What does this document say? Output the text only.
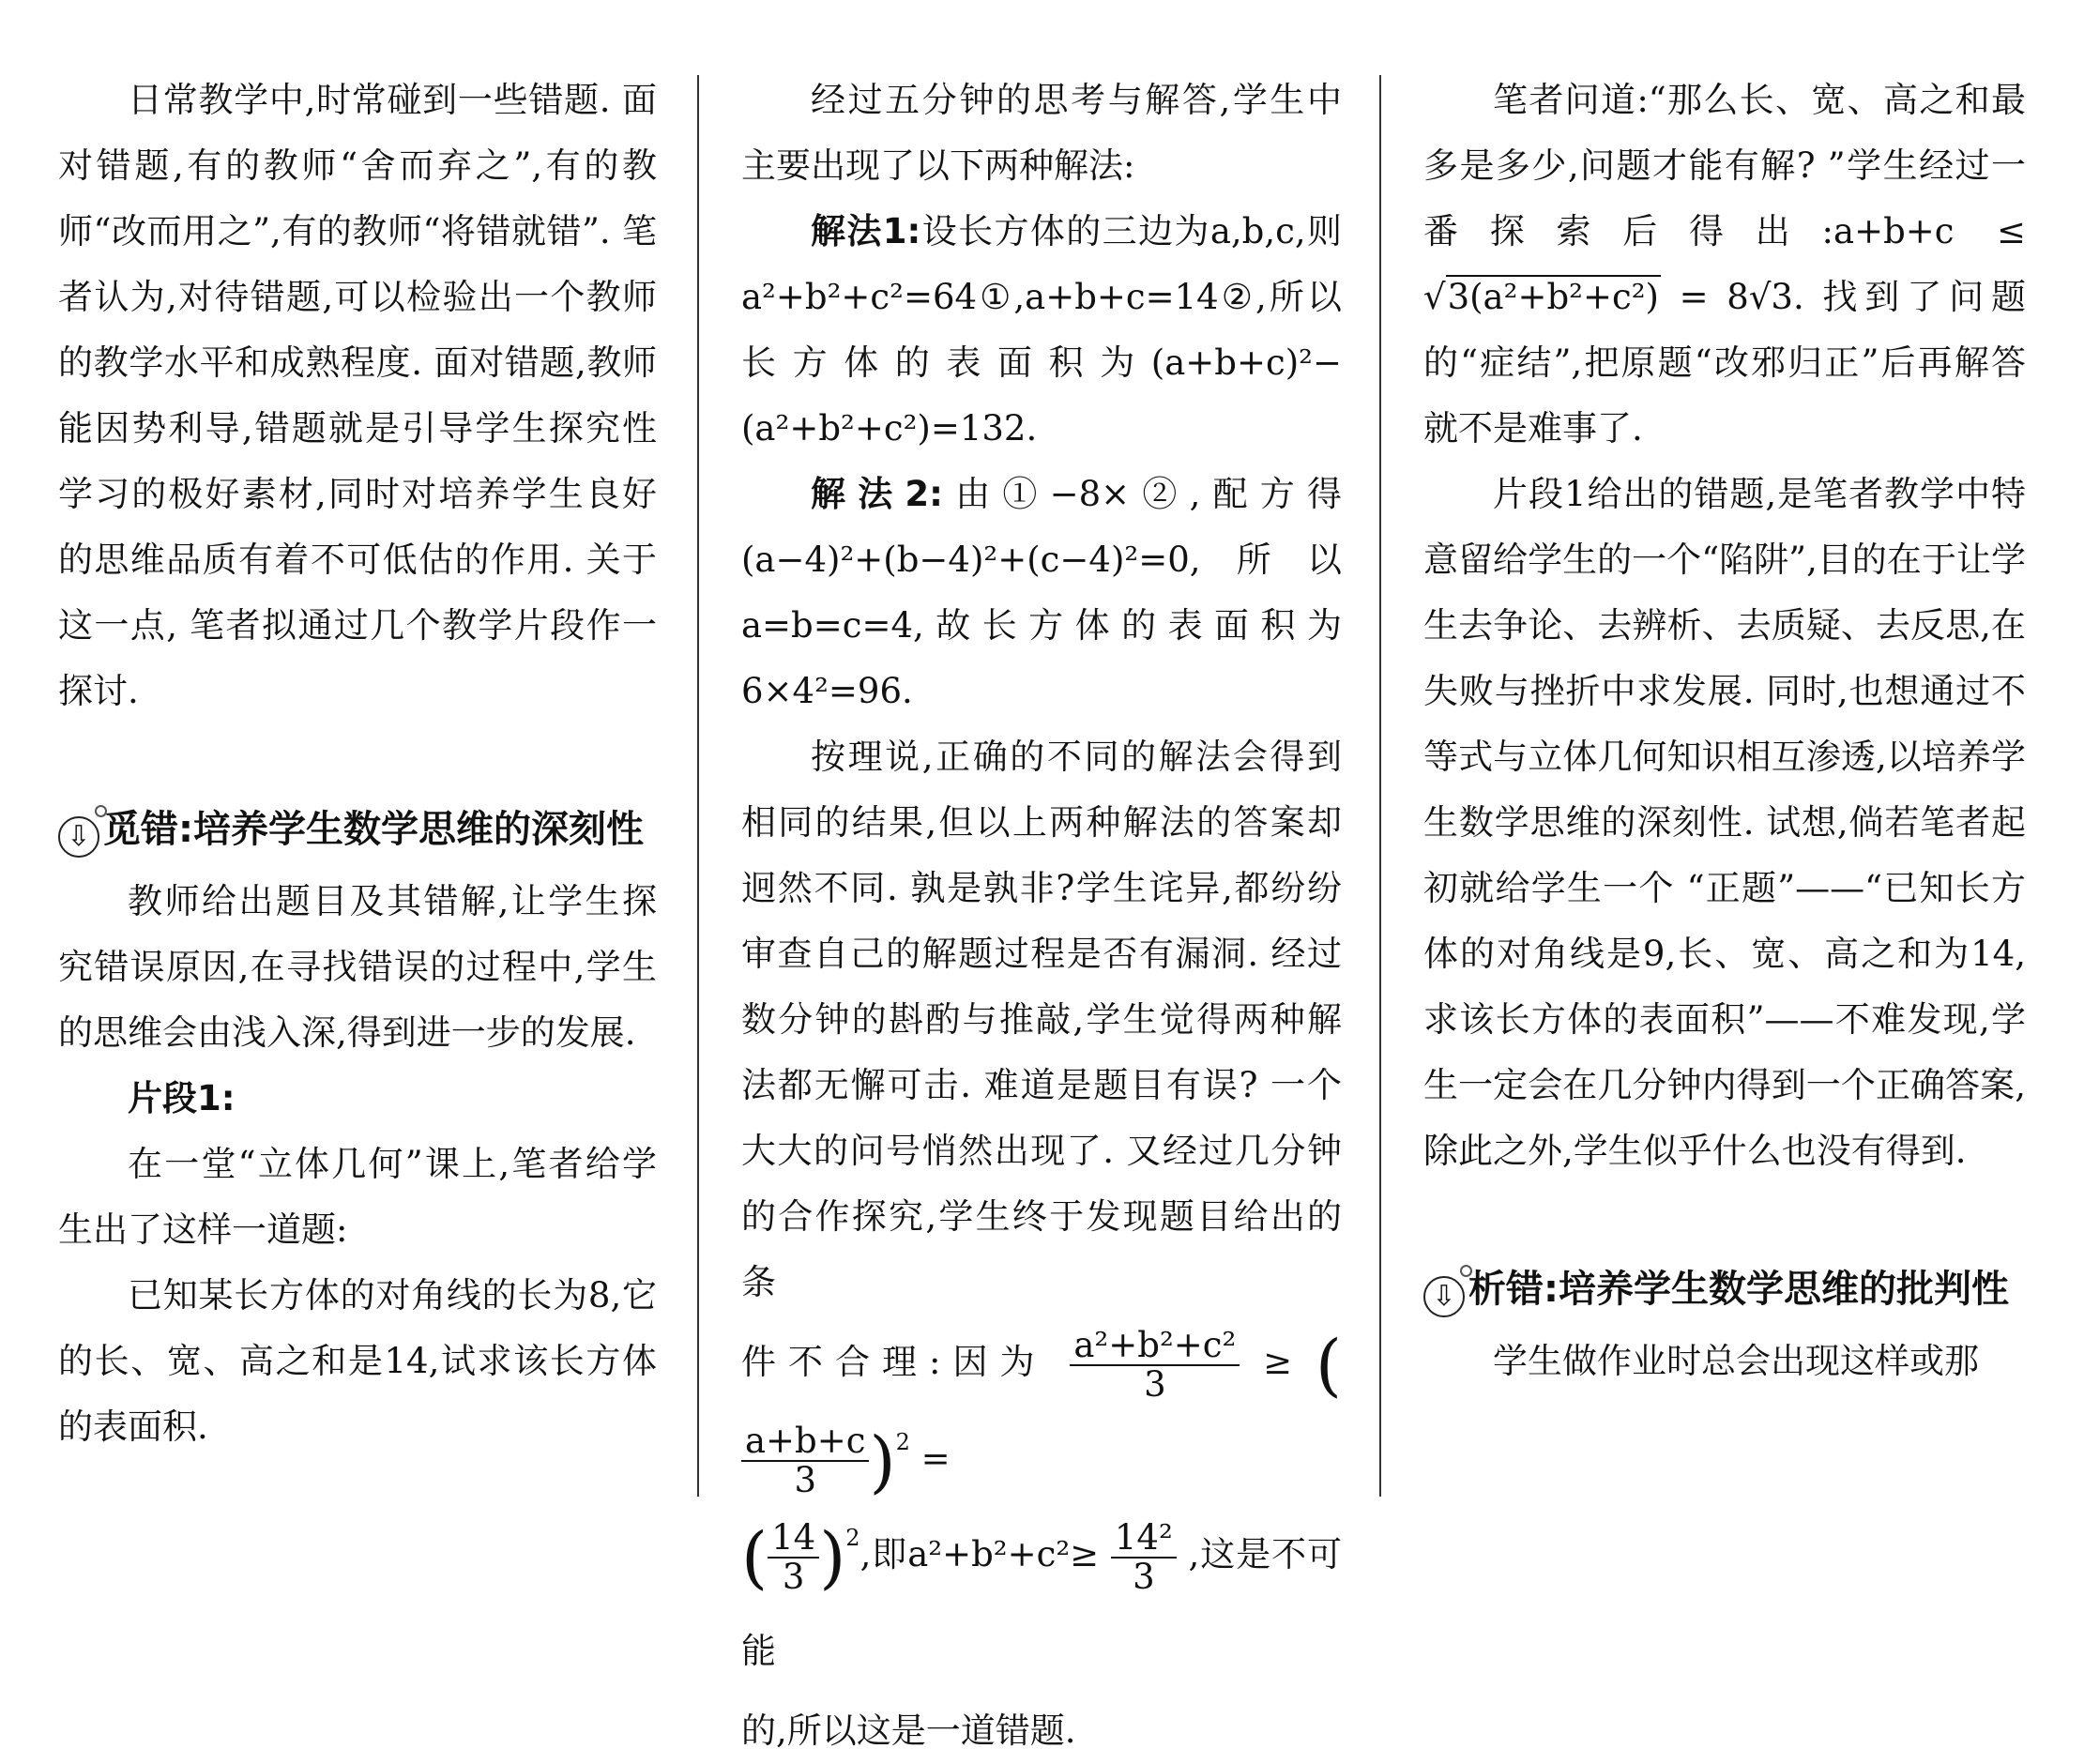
日常教学中,时常碰到一些错题. 面对错题,有的教师“舍而弃之”,有的教师“改而用之”,有的教师“将错就错”. 笔者认为,对待错题,可以检验出一个教师的教学水平和成熟程度. 面对错题,教师能因势利导,错题就是引导学生探究性学习的极好素材,同时对培养学生良好的思维品质有着不可低估的作用. 关于这一点, 笔者拟通过几个教学片段作一探讨.

⇩ 觅错:培养学生数学思维的深刻性

教师给出题目及其错解,让学生探究错误原因,在寻找错误的过程中,学生的思维会由浅入深,得到进一步的发展.

片段1:

在一堂“立体几何”课上,笔者给学生出了这样一道题:

已知某长方体的对角线的长为8,它的长、宽、高之和是14,试求该长方体的表面积.

经过五分钟的思考与解答,学生中主要出现了以下两种解法:

解法1:设长方体的三边为a,b,c,则 a²+b²+c²=64①,a+b+c=14②,所以长方体的表面积为(a+b+c)²−(a²+b²+c²)=132.

解法2:由①−8×②,配方得(a−4)²+(b−4)²+(c−4)²=0,所以a=b=c=4,故长方体的表面积为6×4²=96.

按理说,正确的不同的解法会得到相同的结果,但以上两种解法的答案却迥然不同. 孰是孰非?学生诧异,都纷纷审查自己的解题过程是否有漏洞. 经过数分钟的斟酌与推敲,学生觉得两种解法都无懈可击. 难道是题目有误? 一个大大的问号悄然出现了. 又经过几分钟的合作探究,学生终于发现题目给出的条

件不合理:因为 $\frac{\text{a²+b²+c²}}{3}$ ≥ (
$\frac{a+b+c}{3} )^2$ =

( $\frac{14}{3} )^2$,即$a^2+b^2+c^2\ge \frac{\text{14²}}{3}$ ,这是不可能

的,所以这是一道错题.

笔者问道:“那么长、宽、高之和最多是多少,问题才能有解? ”学生经过一番探索后得出:a+b+c ≤ √3(a²+b²+c²) = 8√3. 找到了问题的“症结”,把原题“改邪归正”后再解答就不是难事了.

片段1给出的错题,是笔者教学中特意留给学生的一个“陷阱”,目的在于让学生去争论、去辨析、去质疑、去反思,在失败与挫折中求发展. 同时,也想通过不等式与立体几何知识相互渗透,以培养学生数学思维的深刻性. 试想,倘若笔者起初就给学生一个 “正题”——“已知长方体的对角线是9,长、宽、高之和为14,求该长方体的表面积”——不难发现,学生一定会在几分钟内得到一个正确答案,除此之外,学生似乎什么也没有得到.

⇩ 析错:培养学生数学思维的批判性

学生做作业时总会出现这样或那
